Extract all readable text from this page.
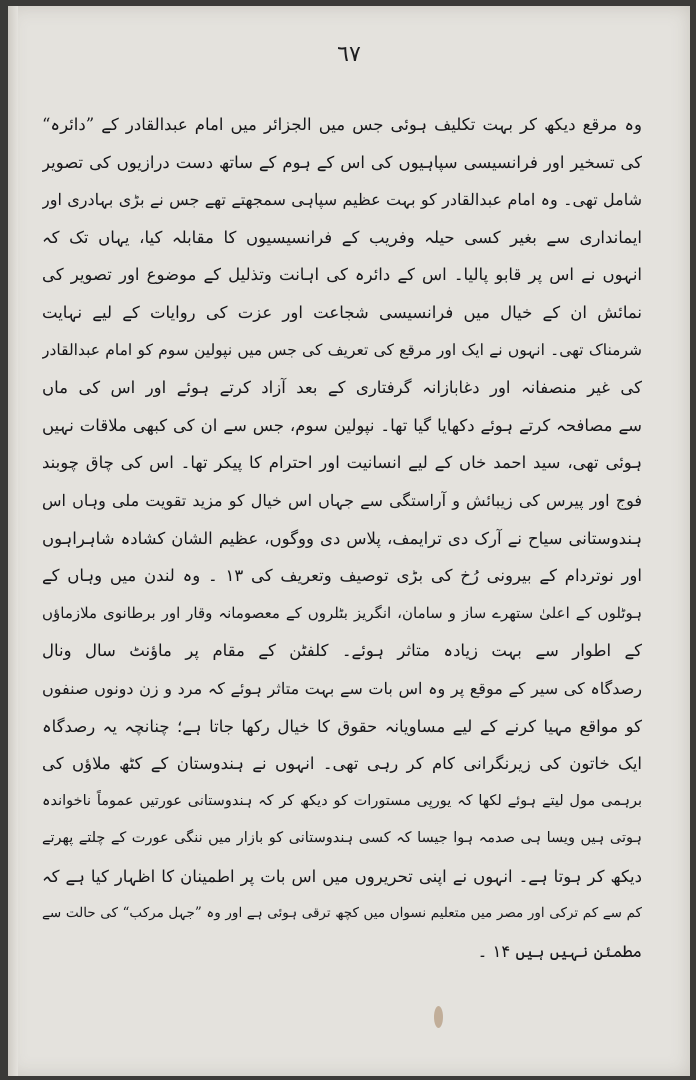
٦٧
وہ مرقع دیکھ کر بہت تکلیف ہوئی جس میں الجزائر میں امام عبدالقادر کے ”دائرہ“
کی تسخیر اور فرانسیسی سپاہیوں کی اس کے ہوم کے ساتھ دست درازیوں کی تصویر
شامل تھی۔ وہ امام عبدالقادر کو بہت عظیم سپاہی سمجھتے تھے جس نے بڑی بہادری اور
ایمانداری سے بغیر کسی حیلہ وفریب کے فرانسیسیوں کا مقابلہ کیا، یہاں تک کہ
انہوں نے اس پر قابو پالیا۔ اس کے دائرہ کی اہانت وتذلیل کے موضوع اور تصویر کی
نمائش ان کے خیال میں فرانسیسی شجاعت اور عزت کی روایات کے لیے نہایت
شرمناک تھی۔ انہوں نے ایک اور مرقع کی تعریف کی جس میں نپولین سوم کو امام عبدالقادر
کی غیر منصفانہ اور دغابازانہ گرفتاری کے بعد آزاد کرتے ہوئے اور اس کی ماں
سے مصافحہ کرتے ہوئے دکھایا گیا تھا۔ نپولین سوم، جس سے ان کی کبھی ملاقات نہیں
ہوئی تھی، سید احمد خاں کے لیے انسانیت اور احترام کا پیکر تھا۔ اس کی چاق چوبند
فوج اور پیرس کی زیبائش و آراستگی سے جہاں اس خیال کو مزید تقویت ملی وہاں اس
ہندوستانی سیاح نے آرک دی ترایمف، پلاس دی ووگوں، عظیم الشان کشادہ شاہراہوں
اور نوتردام کے بیرونی رُخ کی بڑی توصیف وتعریف کی ۱۳ ۔ وہ لندن میں وہاں کے
ہوٹلوں کے اعلیٰ ستھرے ساز و سامان، انگریز بٹلروں کے معصومانہ وقار اور برطانوی ملازماؤں
کے اطوار سے بہت زیادہ متاثر ہوئے۔ کلفٹن کے مقام پر ماؤنٹ سال ونال
رصدگاہ کی سیر کے موقع پر وہ اس بات سے بہت متاثر ہوئے کہ مرد و زن دونوں صنفوں
کو مواقع مہیا کرنے کے لیے مساویانہ حقوق کا خیال رکھا جاتا ہے؛ چنانچہ یہ رصدگاہ
ایک خاتون کی زیرنگرانی کام کر رہی تھی۔ انہوں نے ہندوستان کے کٹھ ملاؤں کی
برہمی مول لیتے ہوئے لکھا کہ یورپی مستورات کو دیکھ کر کہ ہندوستانی عورتیں عموماً ناخواندہ
ہوتی ہیں ویسا ہی صدمہ ہوا جیسا کہ کسی ہندوستانی کو بازار میں ننگی عورت کے چلتے پھرتے
دیکھ کر ہوتا ہے۔ انہوں نے اپنی تحریروں میں اس بات پر اطمینان کا اظہار کیا ہے کہ
کم سے کم ترکی اور مصر میں متعلیم نسواں میں کچھ ترقی ہوئی ہے اور وہ ”جہل مرکب“ کی حالت سے
مطمئن نہیں ہیں ۱۴ ۔
